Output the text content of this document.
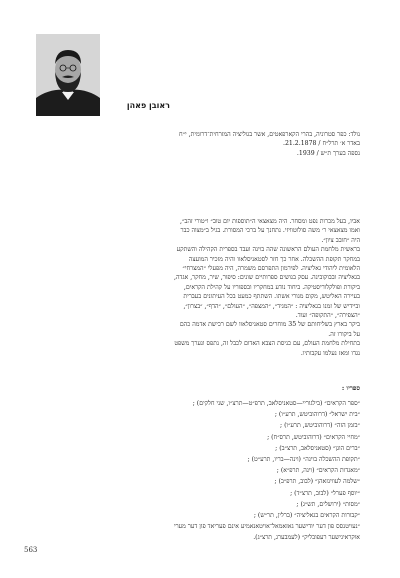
ראובן פאהן
נולד: כפר סטרוניה, בהרי הקארפאטים, אשר בגוליציה המזרחית־דרומית, י״ח
באדר א׳ תרל״ח / 21.2.1878.
נספה בערך ת״ש / 1939.
אביו, בעל מכרות נפט ומסחר. היה מצאצאי ה״תוספות יום טוב״ ו״טורי זהב״,
ואמו מצאצאי ר׳ משה סולוטוויזי. נתחנך על ברכי המסורת. בגיל ב״מצוה כבר
היה ״חובב ציון״.
בראשית מלחמת העולם הראשונה שהה בוינה ועבד בספרית הקהילה והשתקע
במחקר תקופת ההשכלה. אחר כך חזר לסטאניסלאוו והיה מזכיר המועצה
הלאומית ליהודי גאליציה. לפירמון התפרסם משמרה, היה מפעלי ״המצרחי״
בגאליציה ובבוקובינה. עסק בנושים ספרותיים שונים: סיפור, שיר, מחקר, אגדה,
ביקורת ופולקלוריסטיקה. ביחוד נודע במחקריו ובספוריו על קהילת הקראים,
בעיירה האליטש, מקום מגורי אשתו. השתתף כמעט בכל העיתונים בעברית
וביידיש של זמנו בגאליציה : ״המגיד״, ״המצפה״, ״העולם״, ״הדף״, ״בצרון״,
״הצפירה״, ״התקופה״ ועוד.
ביקר בארץ בשליחותם של 35 מוחרים סטאניסלאוו לשם רכישת אדמה כהם
על ביקורו זה.
בתחילת מלחמת העולם, עם כניסת הצבא האדום לכבל זה, נתפס ונערך משפט
נגדו ומאז נעלמו עקבותיו.
ספריו :
״ספר הקראים״ (בילגוריי—סטאניסלאב, תרפ״ט—תרצ״ו, שני חלקים) ;
״בית ישראל״ (דרוהוביטש, תרע״ו) ;
״בזמן הזה״ (דרוהוביטש, תרע״ו) ;
״מחיי הקראים״ (דרוהוביטש, תרס״ח) ;
״ברים הוגן״ (סטאניסלאב, תרצ״ב) ;
״תקופת ההשכלה בוינה״ (וינה—בריו, תרע״ט) ;
״מאגדות הקראים״ (וינה, תרפ״א) ;
״שלמה לעווינזאהן״ (לבוב, תרפ״ב) ;
״יוסף פערל״ (לבוב, תרצ״ד) ;
״מסות״ (ירושלים, תש״ג) ;
״קבורות הקראים בגאליציה״ (ברלין, תר״ש) ;
״נעויטנסס פון דער יודישער גאזאמאל־אויטאנאמיע אינם פעריאד פון דער מערי
אוקראינישער רעפובליק״ (לעמבערג, תרצ״ג).
563
